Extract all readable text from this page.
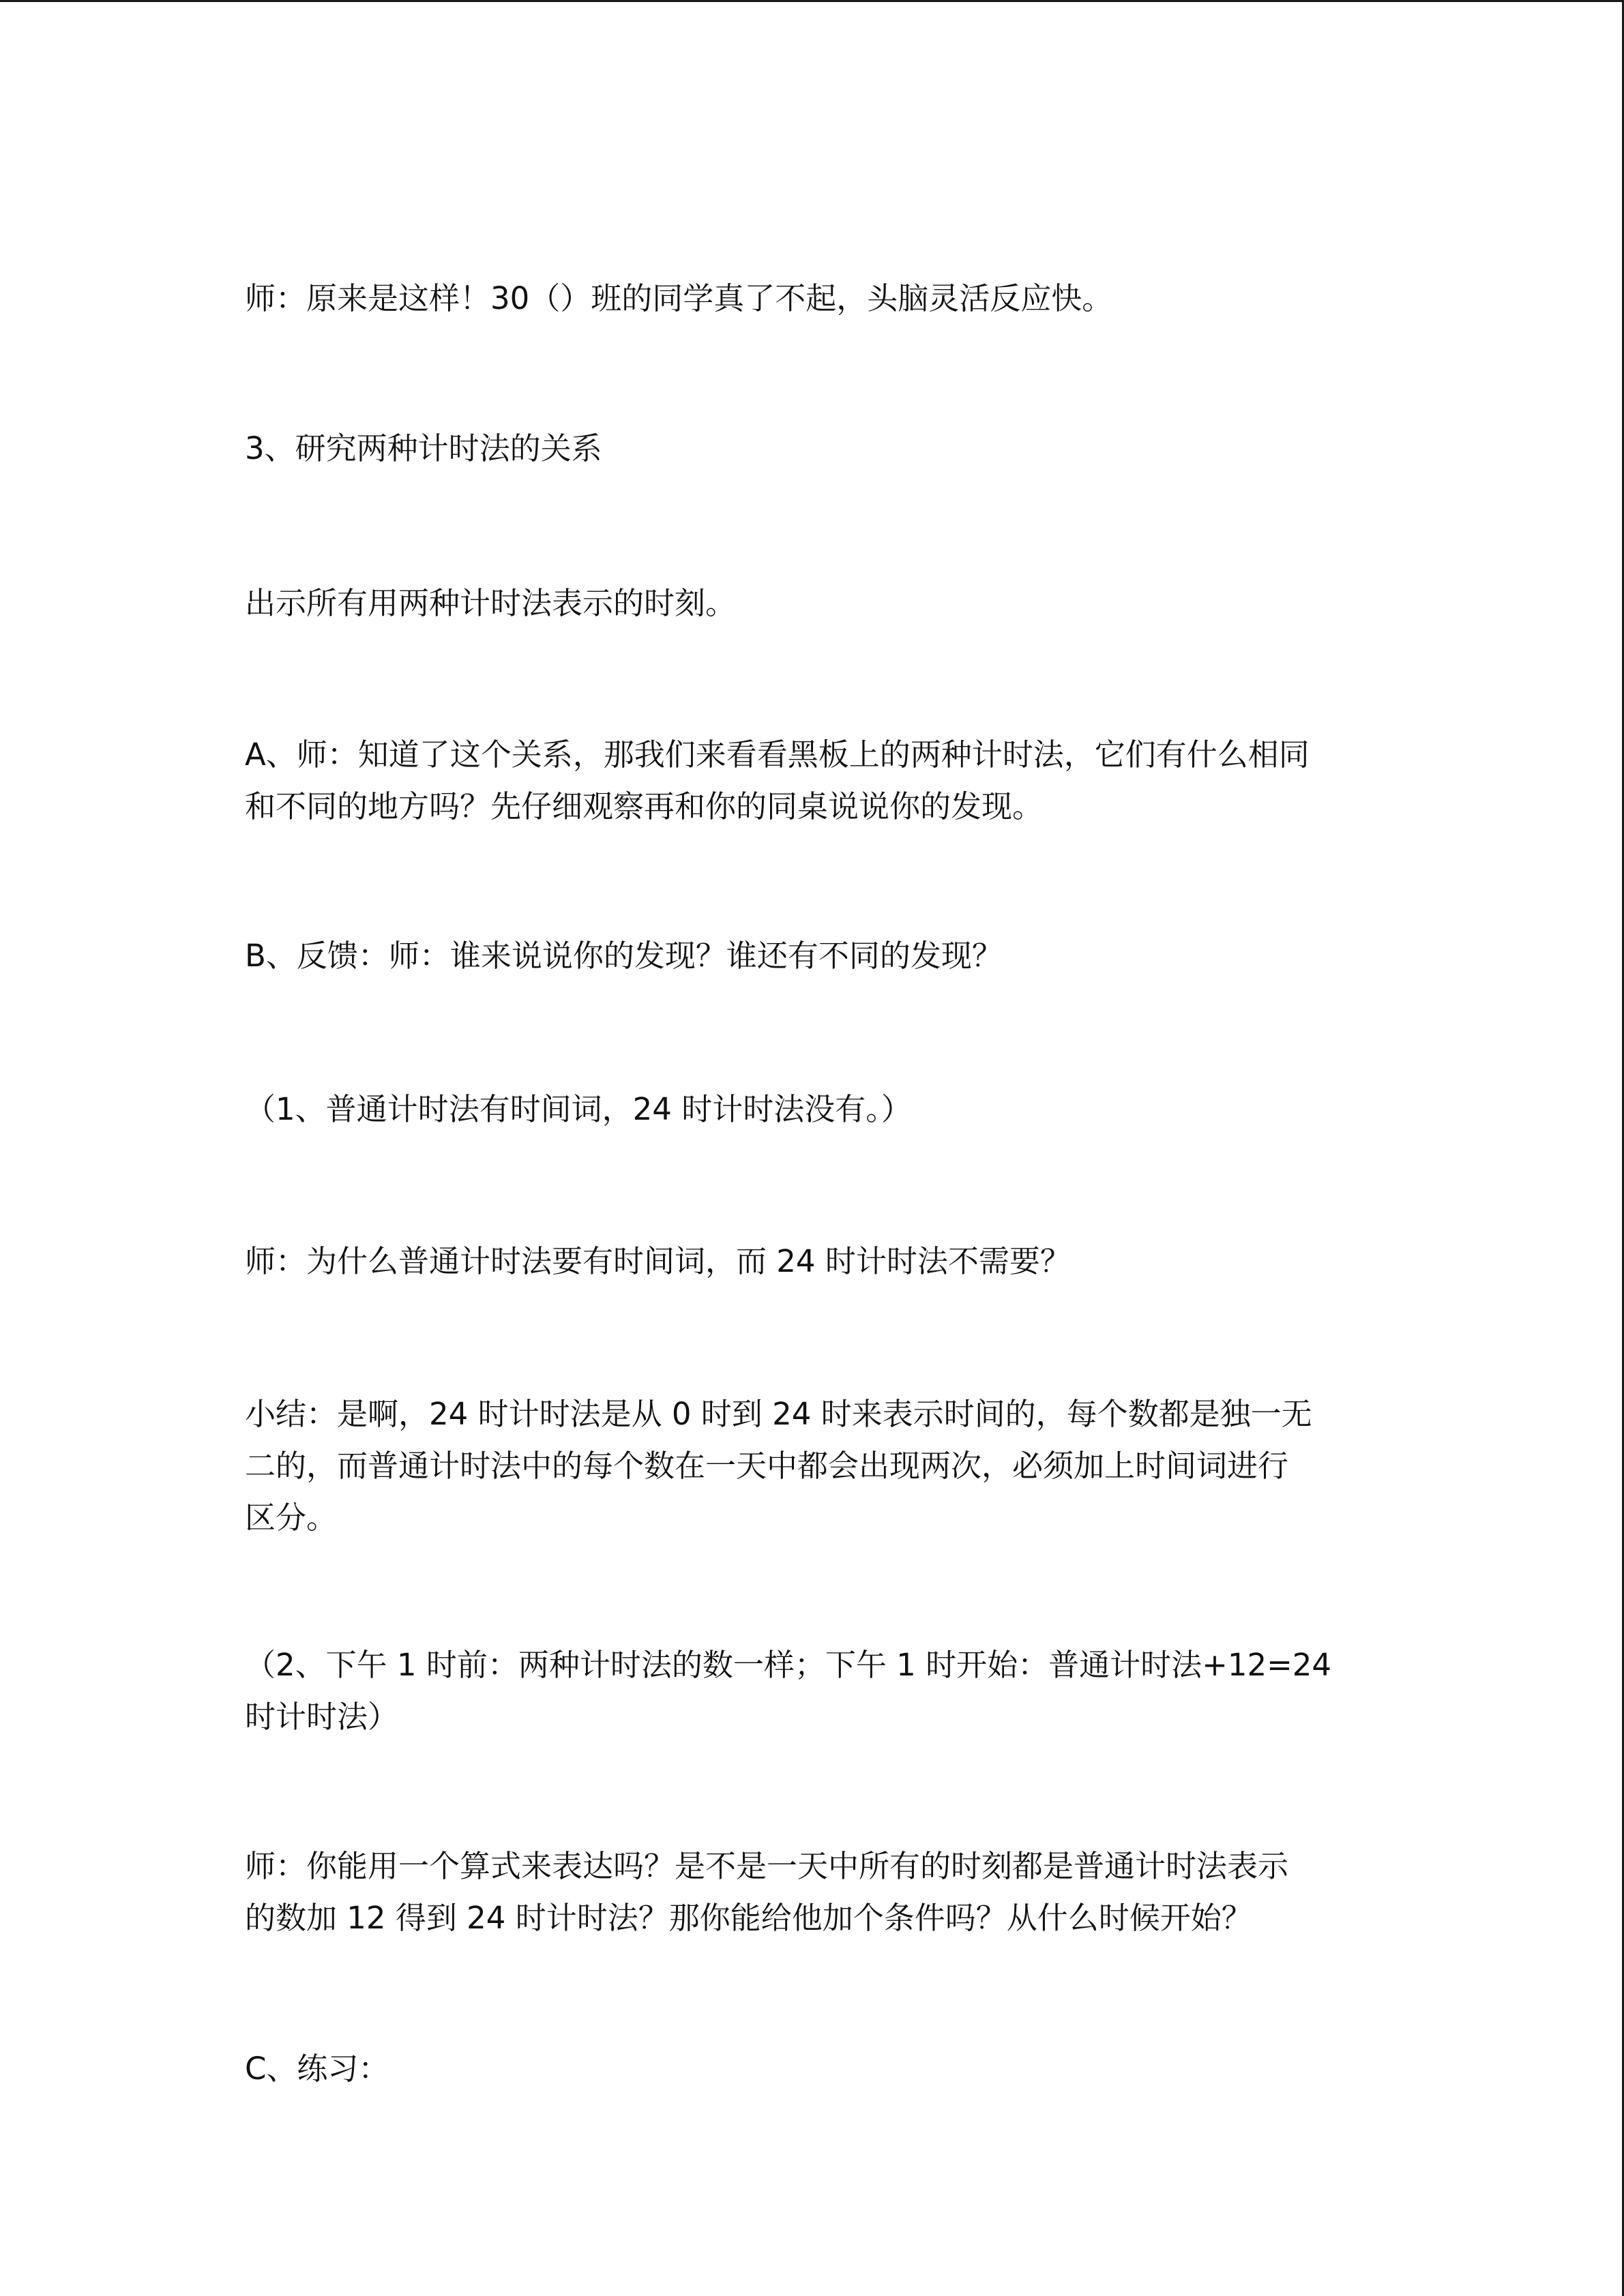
师：原来是这样！30（）班的同学真了不起，头脑灵活反应快。
3、研究两种计时法的关系
出示所有用两种计时法表示的时刻。
A、师：知道了这个关系，那我们来看看黑板上的两种计时法，它们有什么相同
和不同的地方吗？先仔细观察再和你的同桌说说你的发现。
B、反馈：师：谁来说说你的发现？谁还有不同的发现？
（1、普通计时法有时间词，24 时计时法没有。）
师：为什么普通计时法要有时间词，而 24 时计时法不需要？
小结：是啊，24 时计时法是从 0 时到 24 时来表示时间的，每个数都是独一无
二的，而普通计时法中的每个数在一天中都会出现两次，必须加上时间词进行
区分。
（2、下午 1 时前：两种计时法的数一样；下午 1 时开始：普通计时法+12=24
时计时法）
师：你能用一个算式来表达吗？是不是一天中所有的时刻都是普通计时法表示
的数加 12 得到 24 时计时法？那你能给他加个条件吗？从什么时候开始？
C、练习：
